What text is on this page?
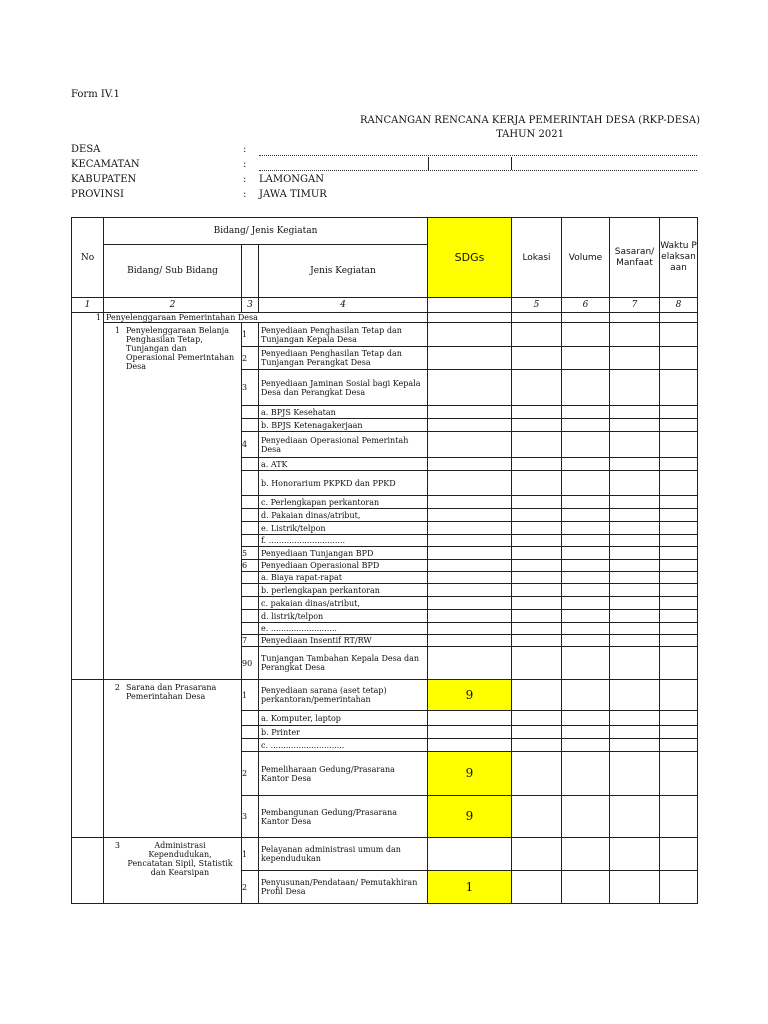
Form IV.1
RANCANGAN RENCANA KERJA PEMERINTAH DESA (RKP-DESA)
TAHUN 2021
DESA	:
KECAMATAN	:
KABUPATEN	: LAMONGAN
PROVINSI	: JAWA TIMUR
No	Bidang/ Jenis Kegiatan			SDGs	Lokasi	Volume	Sasaran/ Manfaat	Waktu Pelaksanaan
	Bidang/ Sub Bidang		Jenis Kegiatan					
1	2	3	4		5	6	7	8
1	Penyelenggaraan Pemerintahan Desa							
	1 Penyelenggaraan Belanja Penghasilan Tetap, Tunjangan dan Operasional Pemerintahan Desa	1	Penyediaan Penghasilan Tetap dan Tunjangan Kepala Desa					
		2	Penyediaan Penghasilan Tetap dan Tunjangan Perangkat Desa					
		3	Penyediaan Jaminan Sosial bagi Kepala Desa dan Perangkat Desa					
			a. BPJS Kesehatan					
			b. BPJS Ketenagakerjaan					
		4	Penyediaan Operasional Pemerintah Desa					
			a. ATK					
			b. Honorarium PKPKD dan PPKD					
			c. Perlengkapan perkantoran					
			d. Pakaian dinas/atribut,					
			e. Listrik/telpon					
			f. ..............................					
		5	Penyediaan Tunjangan BPD					
		6	Penyediaan Operasional BPD					
			a. Biaya rapat-rapat					
			b. perlengkapan perkantoran					
			c. pakaian dinas/atribut,					
			d. listrik/telpon					
			e. ..........................					
		7	Penyediaan Insentif RT/RW					
		90	Tunjangan Tambahan Kepala Desa dan Perangkat Desa					
	2 Sarana dan Prasarana Pemerintahan Desa	1	Penyediaan sarana (aset tetap) perkantoran/pemerintahan	9				
			a. Komputer, laptop					
			b. Printer					
			c. .............................					
		2	Pemeliharaan Gedung/Prasarana Kantor Desa	9				
		3	Pembangunan Gedung/Prasarana Kantor Desa	9				
	3 Administrasi Kependudukan, Pencatatan Sipil, Statistik dan Kearsipan	1	Pelayanan administrasi umum dan kependudukan					
		2	Penyusunan/Pendataan/ Pemutakhiran Profil Desa	1				
